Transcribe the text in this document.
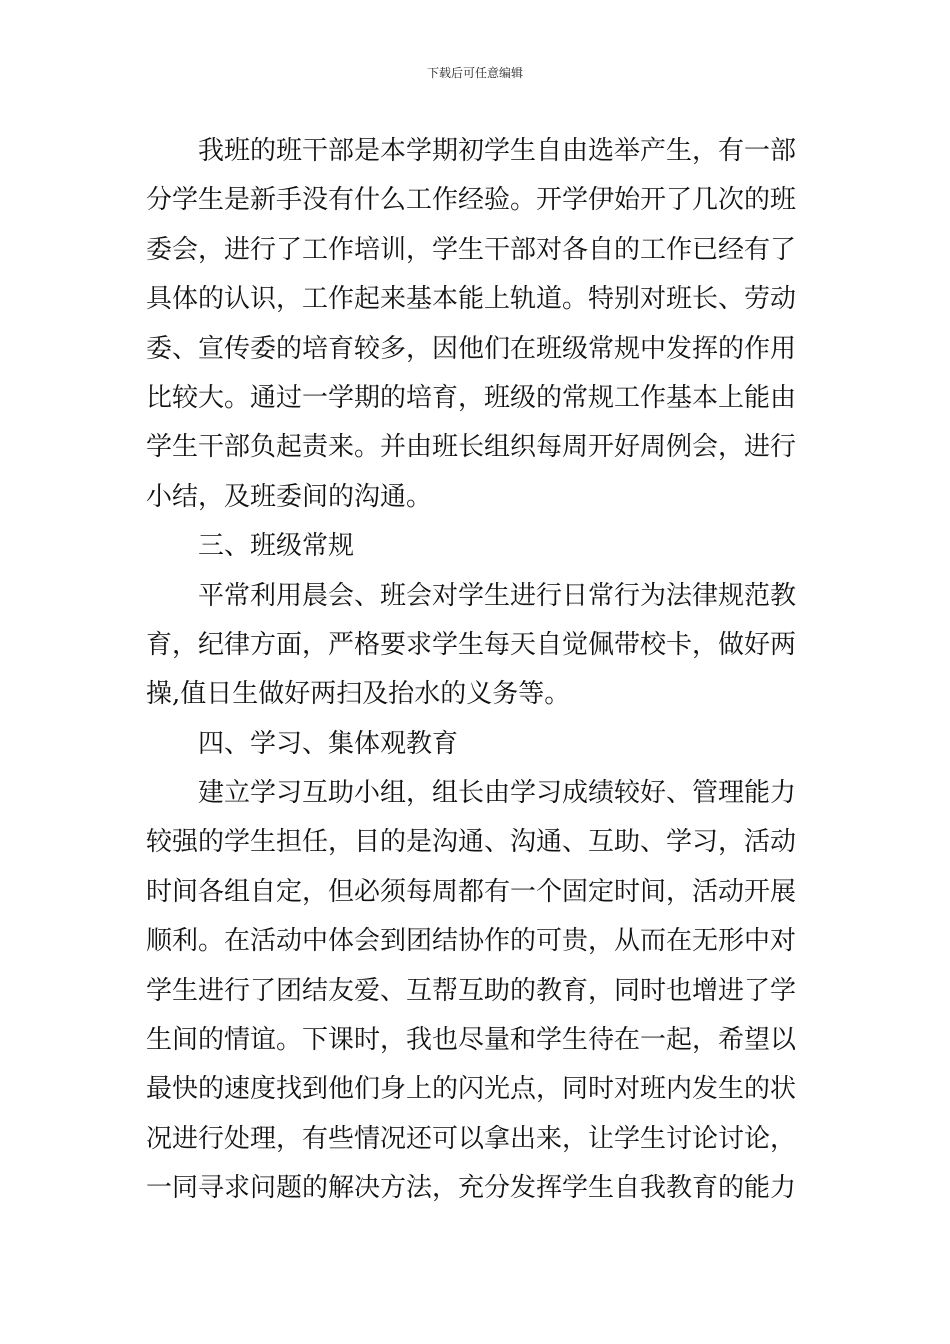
下载后可任意编辑
我班的班干部是本学期初学生自由选举产生，有一部
分学生是新手没有什么工作经验。开学伊始开了几次的班
委会，进行了工作培训，学生干部对各自的工作已经有了
具体的认识，工作起来基本能上轨道。特别对班长、劳动
委、宣传委的培育较多，因他们在班级常规中发挥的作用
比较大。通过一学期的培育，班级的常规工作基本上能由
学生干部负起责来。并由班长组织每周开好周例会，进行
小结，及班委间的沟通。
三、班级常规
平常利用晨会、班会对学生进行日常行为法律规范教
育，纪律方面，严格要求学生每天自觉佩带校卡，做好两
操,值日生做好两扫及抬水的义务等。
四、学习、集体观教育
建立学习互助小组，组长由学习成绩较好、管理能力
较强的学生担任，目的是沟通、沟通、互助、学习，活动
时间各组自定，但必须每周都有一个固定时间，活动开展
顺利。在活动中体会到团结协作的可贵，从而在无形中对
学生进行了团结友爱、互帮互助的教育，同时也增进了学
生间的情谊。下课时，我也尽量和学生待在一起，希望以
最快的速度找到他们身上的闪光点，同时对班内发生的状
况进行处理，有些情况还可以拿出来，让学生讨论讨论，
一同寻求问题的解决方法，充分发挥学生自我教育的能力
